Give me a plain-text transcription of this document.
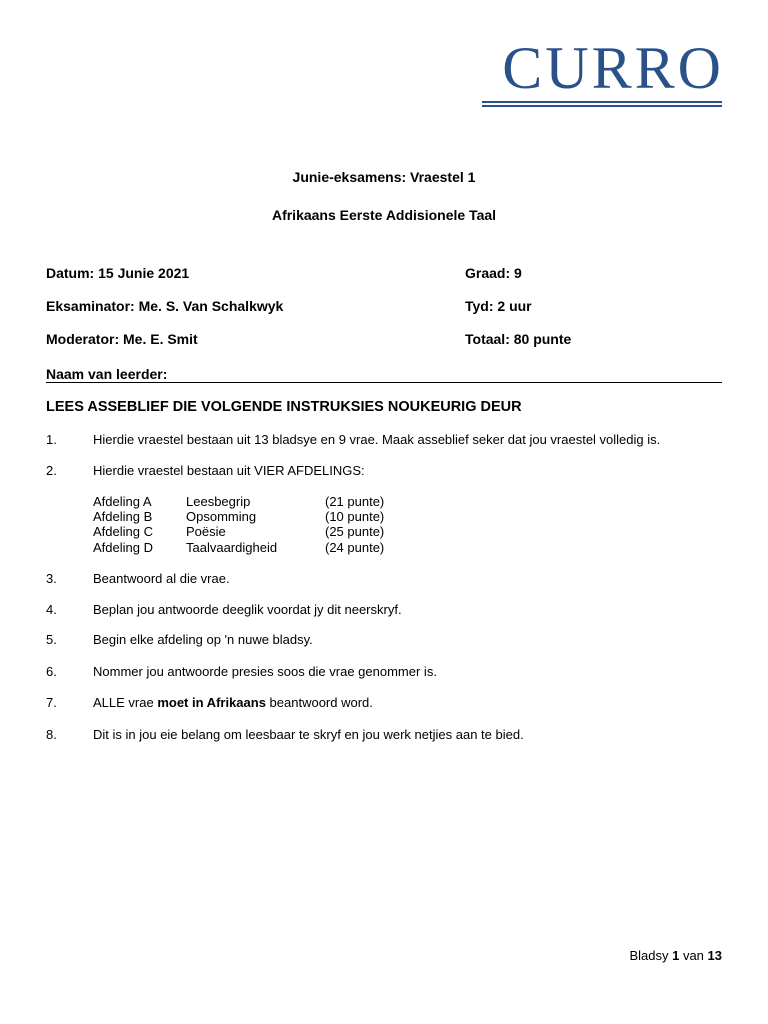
CURRO
Junie-eksamens: Vraestel 1
Afrikaans Eerste Addisionele Taal
Datum: 15 Junie 2021	Graad: 9
Eksaminator: Me. S. Van Schalkwyk	Tyd: 2 uur
Moderator: Me. E. Smit	Totaal: 80 punte
Naam van leerder:
LEES ASSEBLIEF DIE VOLGENDE INSTRUKSIES NOUKEURIG DEUR
1.	Hierdie vraestel bestaan uit 13 bladsye en 9 vrae. Maak asseblief seker dat jou vraestel volledig is.
2.	Hierdie vraestel bestaan uit VIER AFDELINGS:
Afdeling A	Leesbegrip	(21 punte)
Afdeling B	Opsomming	(10 punte)
Afdeling C	Poësie	(25 punte)
Afdeling D	Taalvaardigheid	(24 punte)
3.	Beantwoord al die vrae.
4.	Beplan jou antwoorde deeglik voordat jy dit neerskryf.
5.	Begin elke afdeling op 'n nuwe bladsy.
6.	Nommer jou antwoorde presies soos die vrae genommer is.
7.	ALLE vrae moet in Afrikaans beantwoord word.
8.	Dit is in jou eie belang om leesbaar te skryf en jou werk netjies aan te bied.
Bladsy 1 van 13
